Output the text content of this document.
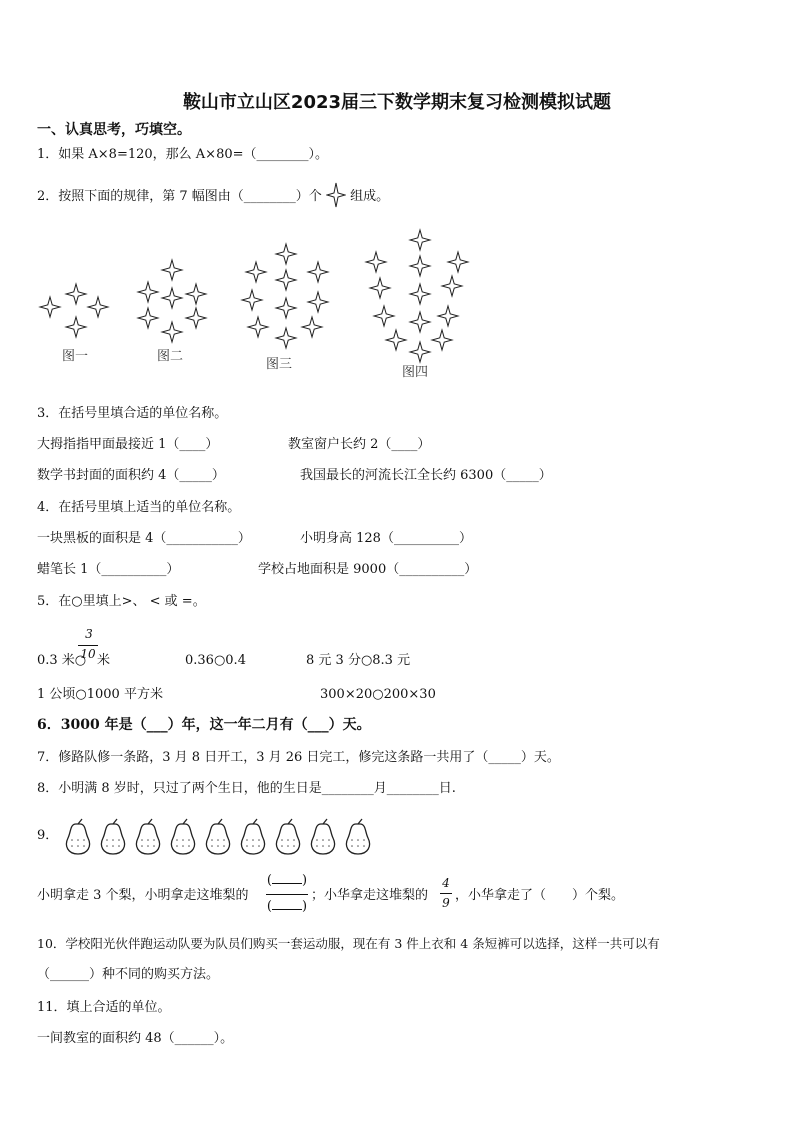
鞍山市立山区2023届三下数学期末复习检测模拟试题
一、认真思考，巧填空。
1．如果 A×8=120，那么 A×80=（________）。
2．按照下面的规律，第 7 幅图由（________）个 组成。
图一	图二
图三
图四
3．在括号里填合适的单位名称。
大拇指指甲面最接近 1（____）	教室窗户长约 2（____）
数学书封面的面积约 4（_____）	我国最长的河流长江全长约 6300（_____）
4．在括号里填上适当的单位名称。
一块黑板的面积是 4（___________）	小明身高 128（__________）
蜡笔长 1（__________）	学校占地面积是 9000（__________）
5．在○里填上>、 < 或 =。
3
10
0.3 米○ 米	0.36○0.4	8 元 3 分○8.3 元
1 公顷○1000 平方米	300×20○200×30
6．3000 年是（___）年，这一年二月有（___）天。
7．修路队修一条路，3 月 8 日开工，3 月 26 日完工，修完这条路一共用了（_____）天。
8．小明满 8 岁时，只过了两个生日，他的生日是________月________日.
9．
小明拿走 3 个梨，小明拿走这堆梨的
( )
( )
；小华拿走这堆梨的
4
9 ，小华拿走了（　　）个梨。
10．学校阳光伙伴跑运动队要为队员们购买一套运动服，现在有 3 件上衣和 4 条短裤可以选择，这样一共可以有
（______）种不同的购买方法。
11．填上合适的单位。
一间教室的面积约 48（______）。
